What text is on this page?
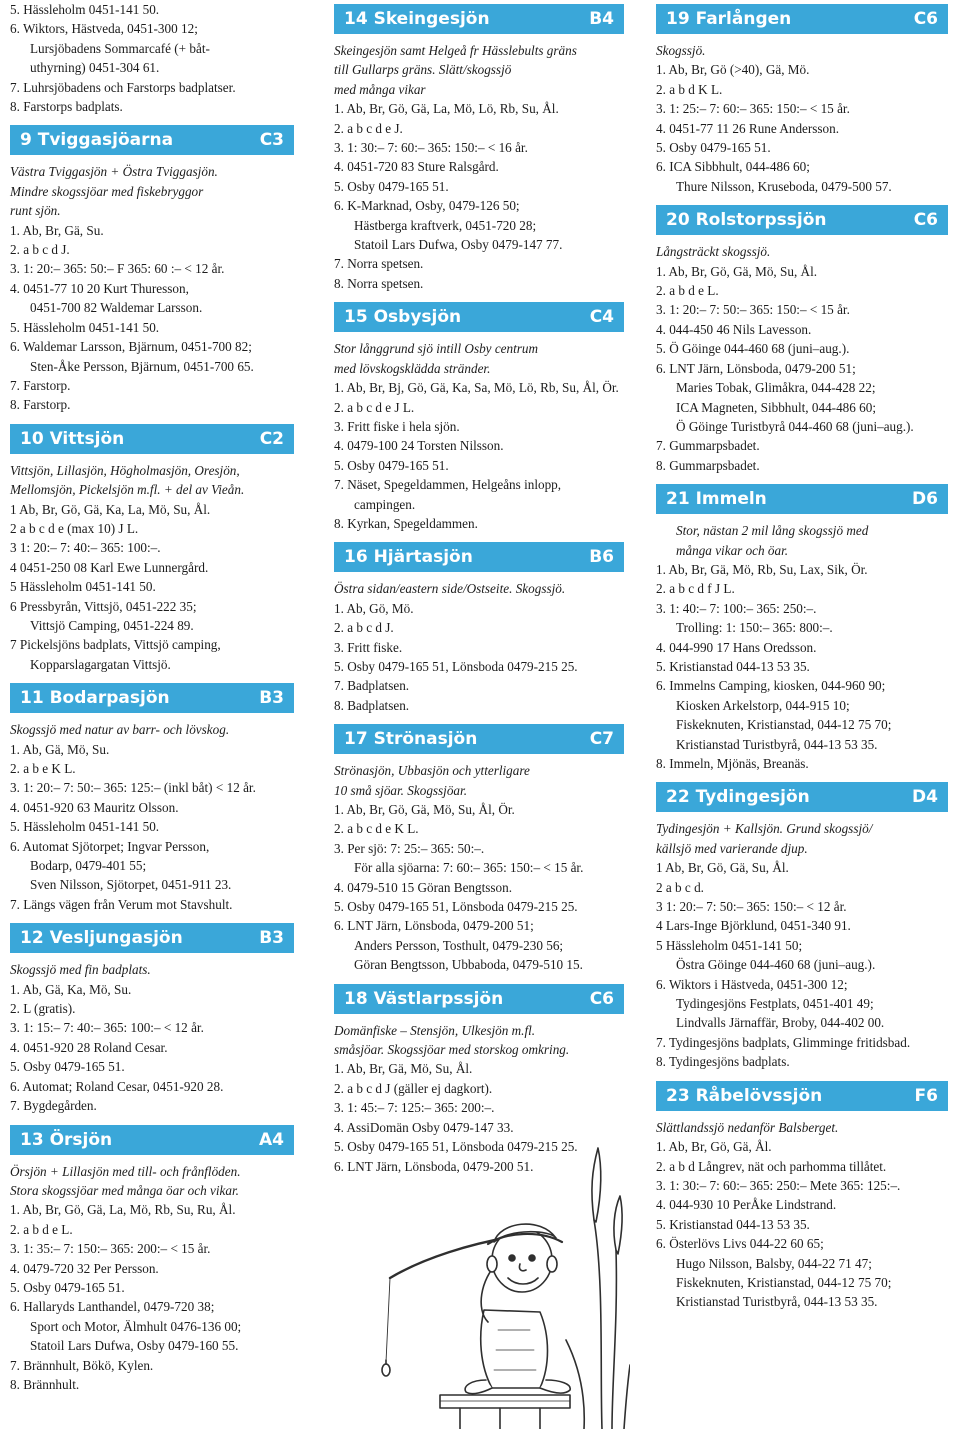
5. Hässleholm 0451-141 50.
6. Wiktors, Hästveda, 0451-300 12;
Lursjöbadens Sommarcafé (+ båt-
uthyrning) 0451-304 61.
7. Luhrsjöbadens och Farstorps badplatser.
8. Farstorps badplats.
9 Tviggasjöarna	C3
Västra Tviggasjön + Östra Tviggasjön.
Mindre skogssjöar med fiskebryggor
runt sjön.
1. Ab, Br, Gä, Su.
2. a b c d J.
3. 1: 20:– 365: 50:– F 365: 60 :– < 12 år.
4. 0451-77 10 20 Kurt Thuresson,
0451-700 82 Waldemar Larsson.
5. Hässleholm 0451-141 50.
6. Waldemar Larsson, Bjärnum, 0451-700 82;
Sten-Åke Persson, Bjärnum, 0451-700 65.
7. Farstorp.
8. Farstorp.
10 Vittsjön	C2
Vittsjön, Lillasjön, Högholmasjön, Oresjön,
Mellomsjön, Pickelsjön m.fl. + del av Vieån.
1 Ab, Br, Gö, Gä, Ka, La, Mö, Su, Ål.
2 a b c d e (max 10) J L.
3 1: 20:– 7: 40:– 365: 100:–.
4 0451-250 08 Karl Ewe Lunnergård.
5 Hässleholm 0451-141 50.
6 Pressbyrån, Vittsjö, 0451-222 35;
Vittsjö Camping, 0451-224 89.
7 Pickelsjöns badplats, Vittsjö camping,
Kopparslagargatan Vittsjö.
11 Bodarpasjön	B3
Skogssjö med natur av barr- och lövskog.
1. Ab, Gä, Mö, Su.
2. a b e K L.
3. 1: 20:– 7: 50:– 365: 125:– (inkl båt) < 12 år.
4. 0451-920 63 Mauritz Olsson.
5. Hässleholm 0451-141 50.
6. Automat Sjötorpet; Ingvar Persson,
Bodarp, 0479-401 55;
Sven Nilsson, Sjötorpet, 0451-911 23.
7. Längs vägen från Verum mot Stavshult.
12 Vesljungasjön	B3
Skogssjö med fin badplats.
1. Ab, Gä, Ka, Mö, Su.
2. L (gratis).
3. 1: 15:– 7: 40:– 365: 100:– < 12 år.
4. 0451-920 28 Roland Cesar.
5. Osby 0479-165 51.
6. Automat; Roland Cesar, 0451-920 28.
7. Bygdegården.
13 Örsjön	A4
Örsjön + Lillasjön med till- och frånflöden.
Stora skogssjöar med många öar och vikar.
1. Ab, Br, Gö, Gä, La, Mö, Rb, Su, Ru, Ål.
2. a b d e L.
3. 1: 35:– 7: 150:– 365: 200:– < 15 år.
4. 0479-720 32 Per Persson.
5. Osby 0479-165 51.
6. Hallaryds Lanthandel, 0479-720 38;
Sport och Motor, Älmhult 0476-136 00;
Statoil Lars Dufwa, Osby 0479-160 55.
7. Brännhult, Bökö, Kylen.
8. Brännhult.
14 Skeingesjön	B4
Skeingesjön samt Helgeå fr Hässlebults gräns
till Gullarps gräns. Slätt/skogssjö
med många vikar
1. Ab, Br, Gö, Gä, La, Mö, Lö, Rb, Su, Ål.
2. a b c d e J.
3. 1: 30:– 7: 60:– 365: 150:– < 16 år.
4. 0451-720 83 Sture Ralsgård.
5. Osby 0479-165 51.
6. K-Marknad, Osby, 0479-126 50;
Hästberga kraftverk, 0451-720 28;
Statoil Lars Dufwa, Osby 0479-147 77.
7. Norra spetsen.
8. Norra spetsen.
15 Osbysjön	C4
Stor långgrund sjö intill Osby centrum
med lövskogsklädda stränder.
1. Ab, Br, Bj, Gö, Gä, Ka, Sa, Mö, Lö, Rb, Su, Ål, Ör.
2. a b c d e J L.
3. Fritt fiske i hela sjön.
4. 0479-100 24 Torsten Nilsson.
5. Osby 0479-165 51.
7. Näset, Spegeldammen, Helgeåns inlopp,
campingen.
8. Kyrkan, Spegeldammen.
16 Hjärtasjön	B6
Östra sidan/eastern side/Ostseite. Skogssjö.
1. Ab, Gö, Mö.
2. a b c d J.
3. Fritt fiske.
5. Osby 0479-165 51, Lönsboda 0479-215 25.
7. Badplatsen.
8. Badplatsen.
17 Strönasjön	C7
Strönasjön, Ubbasjön och ytterligare
10 små sjöar. Skogssjöar.
1. Ab, Br, Gö, Gä, Mö, Su, Ål, Ör.
2. a b c d e K L.
3. Per sjö: 7: 25:– 365: 50:–.
För alla sjöarna: 7: 60:– 365: 150:– < 15 år.
4. 0479-510 15 Göran Bengtsson.
5. Osby 0479-165 51, Lönsboda 0479-215 25.
6. LNT Järn, Lönsboda, 0479-200 51;
Anders Persson, Tosthult, 0479-230 56;
Göran Bengtsson, Ubbaboda, 0479-510 15.
18 Västlarpssjön	C6
Domänfiske – Stensjön, Ulkesjön m.fl.
småsjöar. Skogssjöar med storskog omkring.
1. Ab, Br, Gä, Mö, Su, Ål.
2. a b c d J (gäller ej dagkort).
3. 1: 45:– 7: 125:– 365: 200:–.
4. AssiDomän Osby 0479-147 33.
5. Osby 0479-165 51, Lönsboda 0479-215 25.
6. LNT Järn, Lönsboda, 0479-200 51.
19 Farlången	C6
Skogssjö.
1. Ab, Br, Gö (>40), Gä, Mö.
2. a b d K L.
3. 1: 25:– 7: 60:– 365: 150:– < 15 år.
4. 0451-77 11 26 Rune Andersson.
5. Osby 0479-165 51.
6. ICA Sibbhult, 044-486 60;
Thure Nilsson, Kruseboda, 0479-500 57.
20 Rolstorpssjön	C6
Långsträckt skogssjö.
1. Ab, Br, Gö, Gä, Mö, Su, Ål.
2. a b d e L.
3. 1: 20:– 7: 50:– 365: 150:– < 15 år.
4. 044-450 46 Nils Lavesson.
5. Ö Göinge 044-460 68 (juni–aug.).
6. LNT Järn, Lönsboda, 0479-200 51;
Maries Tobak, Glimåkra, 044-428 22;
ICA Magneten, Sibbhult, 044-486 60;
Ö Göinge Turistbyrå 044-460 68 (juni–aug.).
7. Gummarpsbadet.
8. Gummarpsbadet.
21 Immeln	D6
Stor, nästan 2 mil lång skogssjö med
många vikar och öar.
1. Ab, Br, Gä, Mö, Rb, Su, Lax, Sik, Ör.
2. a b c d f J L.
3. 1: 40:– 7: 100:– 365: 250:–.
Trolling: 1: 150:– 365: 800:–.
4. 044-990 17 Hans Oredsson.
5. Kristianstad 044-13 53 35.
6. Immelns Camping, kiosken, 044-960 90;
Kiosken Arkelstorp, 044-915 10;
Fiskeknuten, Kristianstad, 044-12 75 70;
Kristianstad Turistbyrå, 044-13 53 35.
8. Immeln, Mjönäs, Breanäs.
22 Tydingesjön	D4
Tydingesjön + Kallsjön. Grund skogssjö/
källsjö med varierande djup.
1 Ab, Br, Gö, Gä, Su, Ål.
2 a b c d.
3 1: 20:– 7: 50:– 365: 150:– < 12 år.
4 Lars-Inge Björklund, 0451-340 91.
5 Hässleholm 0451-141 50;
Östra Göinge 044-460 68 (juni–aug.).
6. Wiktors i Hästveda, 0451-300 12;
Tydingesjöns Festplats, 0451-401 49;
Lindvalls Järnaffär, Broby, 044-402 00.
7. Tydingesjöns badplats, Glimminge fritidsbad.
8. Tydingesjöns badplats.
23 Råbelövssjön	F6
Slättlandssjö nedanför Balsberget.
1. Ab, Br, Gö, Gä, Ål.
2. a b d Långrev, nät och parhomma tillåtet.
3. 1: 30:– 7: 60:– 365: 250:– Mete 365: 125:–.
4. 044-930 10 PerÅke Lindstrand.
5. Kristianstad 044-13 53 35.
6. Österlövs Livs 044-22 60 65;
Hugo Nilsson, Balsby, 044-22 71 47;
Fiskeknuten, Kristianstad, 044-12 75 70;
Kristianstad Turistbyrå, 044-13 53 35.
